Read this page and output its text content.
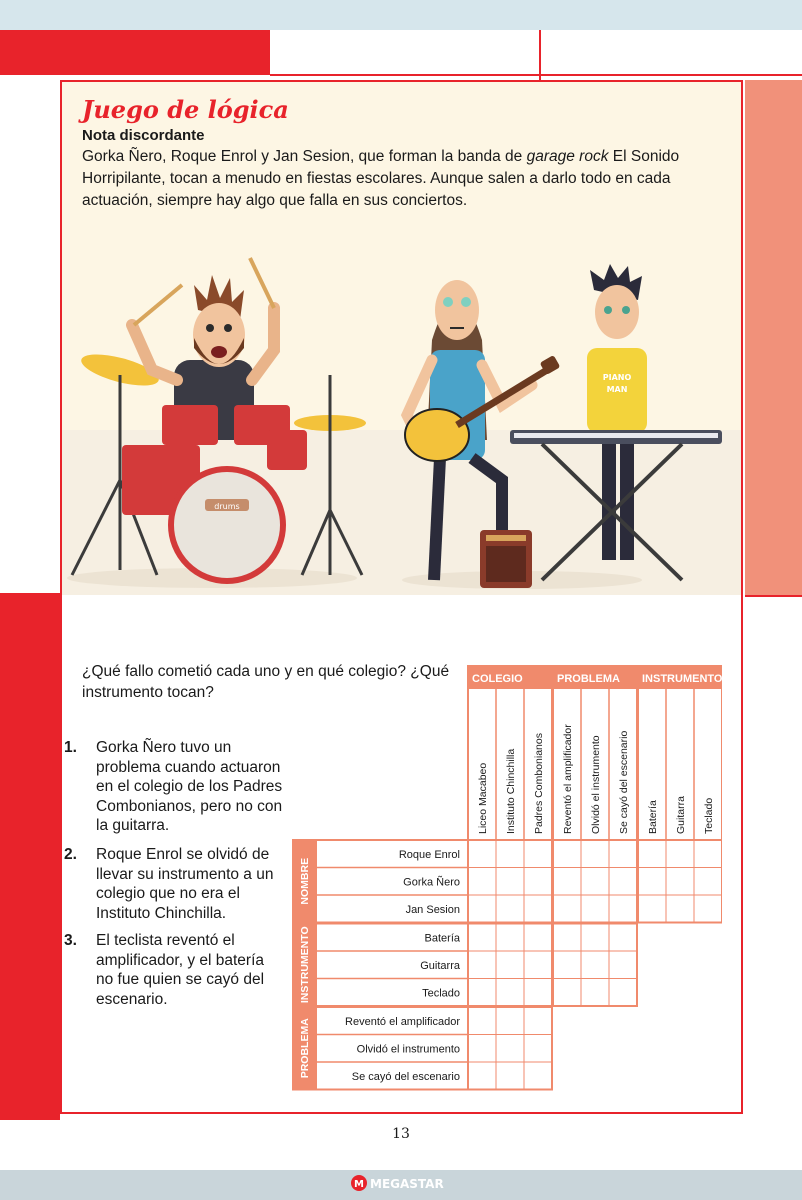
Juego de lógica

Nota discordante

Gorka Ñero, Roque Enrol y Jan Sesion, que forman la banda de garage rock El Sonido Horripilante, tocan a menudo en fiestas escolares. Aunque salen a darlo todo en cada actuación, siempre hay algo que falla en sus conciertos.

drums
PIANO
MAN

¿Qué fallo cometió cada uno y en qué colegio? ¿Qué instrumento tocan?

1. Gorka Ñero tuvo un problema cuando actuaron en el colegio de los Padres Combonianos, pero no con la guitarra.
2. Roque Enrol se olvidó de llevar su instrumento a un colegio que no era el Instituto Chinchilla.
3. El teclista reventó el amplificador, y el batería no fue quien se cayó del escenario.
COLEGIO
Liceo Macabeo Instituto Chinchilla Padres Combonianos
PROBLEMA
Reventó el amplificador Olvidó el instrumento Se cayó del escenario
INSTRUMENTO
Batería Guitarra Teclado
NOMBRE
Roque Enrol
Gorka Ñero
Jan Sesion
INSTRUMENTO	Batería
Guitarra
Teclado
PROBLEMA	Reventó el amplificador
Olvidó el instrumento
Se cayó del escenario
13
M MEGASTAR
